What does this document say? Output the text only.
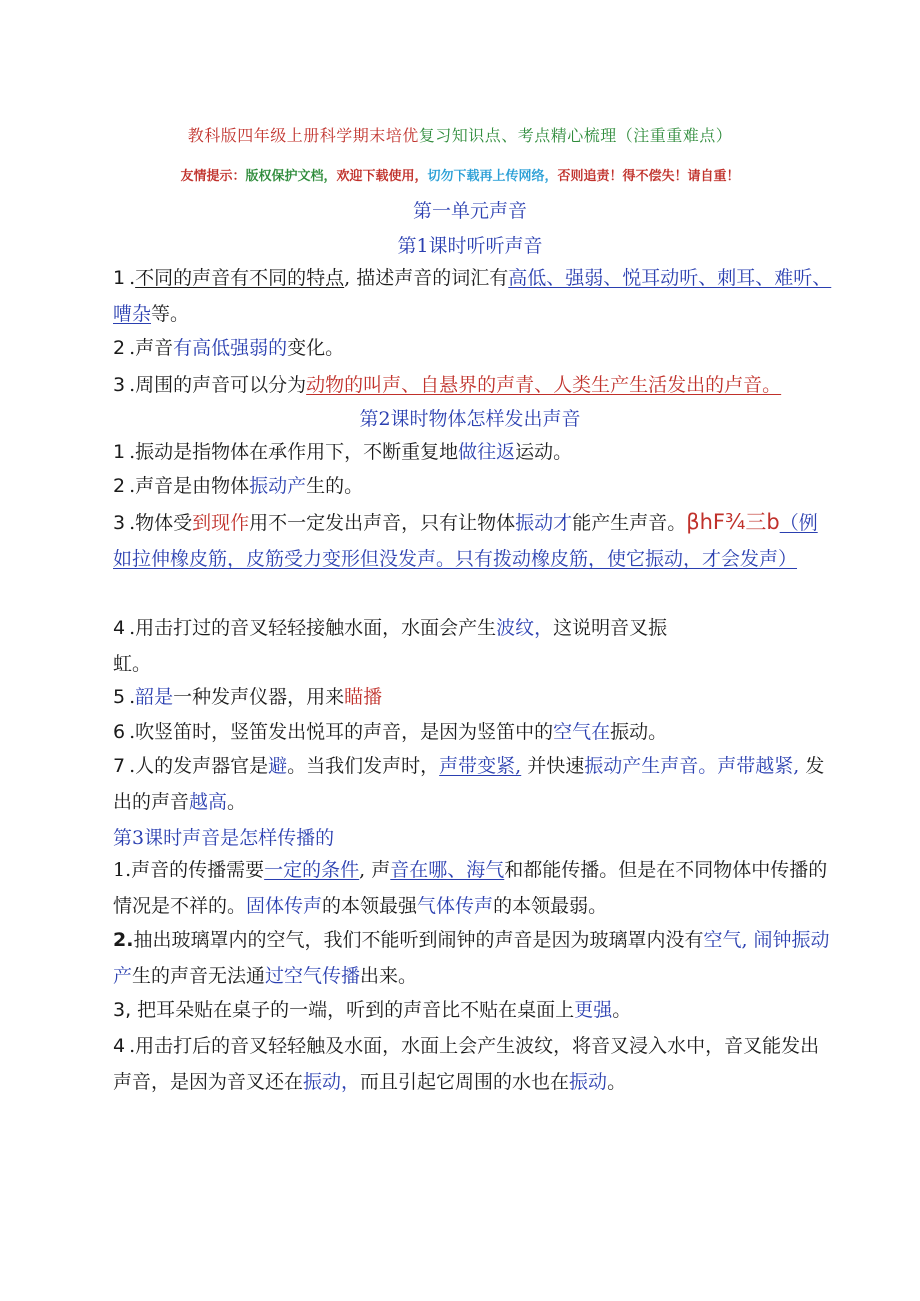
教科版四年级上册科学期末培优复习知识点、考点精心梳理（注重重难点）
友情提示：版权保护文档，欢迎下载使用，切勿下载再上传网络，否则追责！得不偿失！请自重！
第一单元声音
第1课时听听声音
1 .不同的声音有不同的特点, 描述声音的词汇有高低、强弱、悦耳动听、刺耳、难听、嘈杂等。
2 .声音有高低强弱的变化。
3 .周围的声音可以分为动物的叫声、自悬界的声青、人类生产生活发出的卢音。
第2课时物体怎样发出声音
1 .振动是指物体在承作用下，不断重复地做往返运动。
2 .声音是由物体振动产生的。
3 .物体受到现作用不一定发出声音，只有让物体振动才能产生声音。βhF¾三b（例如拉伸橡皮筋，皮筋受力变形但没发声。只有拨动橡皮筋，使它振动，才会发声）
4 .用击打过的音叉轻轻接触水面，水面会产生波纹，这说明音叉振
虹。
5 .韶是一种发声仪器，用来瞄播
6 .吹竖笛时，竖笛发出悦耳的声音，是因为竖笛中的空气在振动。
7 .人的发声器官是避。当我们发声时，声带变紧, 并快速振动产生声音。声带越紧, 发出的声音越高。
第3课时声音是怎样传播的
1.声音的传播需要一定的条件, 声音在哪、海气和都能传播。但是在不同物体中传播的情况是不祥的。固体传声的本领最强气体传声的本领最弱。
2.抽出玻璃罩内的空气，我们不能听到闹钟的声音是因为玻璃罩内没有空气, 闹钟振动产生的声音无法通过空气传播出来。
3, 把耳朵贴在桌子的一端，听到的声音比不贴在桌面上更强。
4 .用击打后的音叉轻轻触及水面，水面上会产生波纹，将音叉浸入水中，音叉能发出声音，是因为音叉还在振动，而且引起它周围的水也在振动。
